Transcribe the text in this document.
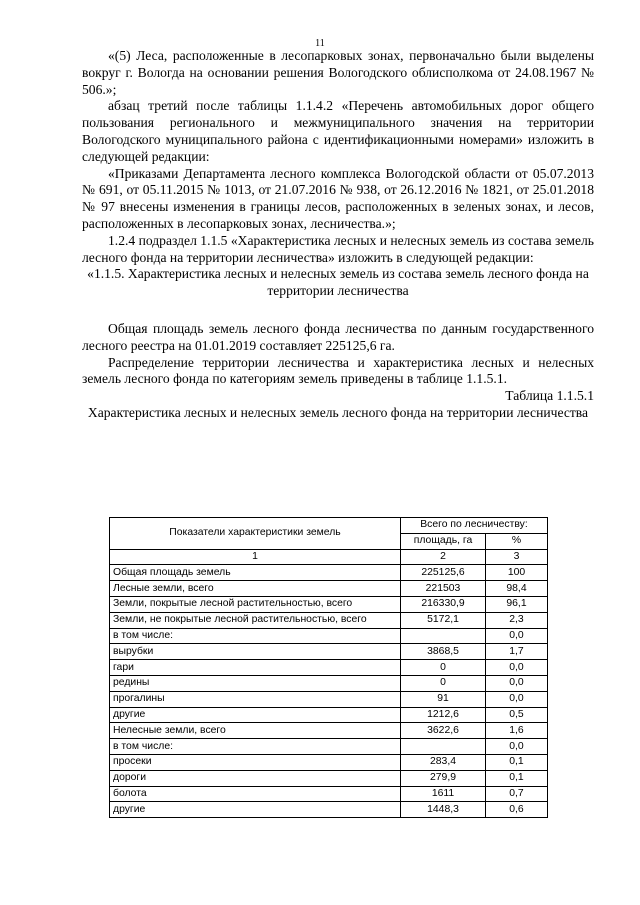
11

«(5) Леса, расположенные в лесопарковых зонах, первоначально были выделены вокруг г. Вологда на основании решения Вологодского облисполкома от 24.08.1967 № 506.»;

абзац третий после таблицы 1.1.4.2 «Перечень автомобильных дорог общего пользования регионального и межмуниципального значения на территории Вологодского муниципального района с идентификационными номерами» изложить в следующей редакции:

«Приказами Департамента лесного комплекса Вологодской области от 05.07.2013 № 691, от 05.11.2015 № 1013, от 21.07.2016 № 938, от 26.12.2016 № 1821, от 25.01.2018 № 97 внесены изменения в границы лесов, расположенных в зеленых зонах, и лесов, расположенных в лесопарковых зонах, лесничества.»;

1.2.4 подраздел 1.1.5 «Характеристика лесных и нелесных земель из состава земель лесного фонда на территории лесничества» изложить в следующей редакции:

«1.1.5. Характеристика лесных и нелесных земель из состава земель лесного фонда на территории лесничества

Общая площадь земель лесного фонда лесничества по данным государственного лесного реестра на 01.01.2019 составляет 225125,6 га.

Распределение территории лесничества и характеристика лесных и нелесных земель лесного фонда по категориям земель приведены в таблице 1.1.5.1.

Таблица 1.1.5.1

Характеристика лесных и нелесных земель лесного фонда на территории лесничества

Показатели характеристики земель	Всего по лесничеству:	
	площадь, га	%
1	2	3
Общая площадь земель	225125,6	100
Лесные земли, всего	221503	98,4
Земли, покрытые лесной растительностью, всего	216330,9	96,1
Земли, не покрытые лесной растительностью, всего	5172,1	2,3
в том числе:		0,0
вырубки	3868,5	1,7
гари	0	0,0
редины	0	0,0
прогалины	91	0,0
другие	1212,6	0,5
Нелесные земли, всего	3622,6	1,6
в том числе:		0,0
просеки	283,4	0,1
дороги	279,9	0,1
болота	1611	0,7
другие	1448,3	0,6
